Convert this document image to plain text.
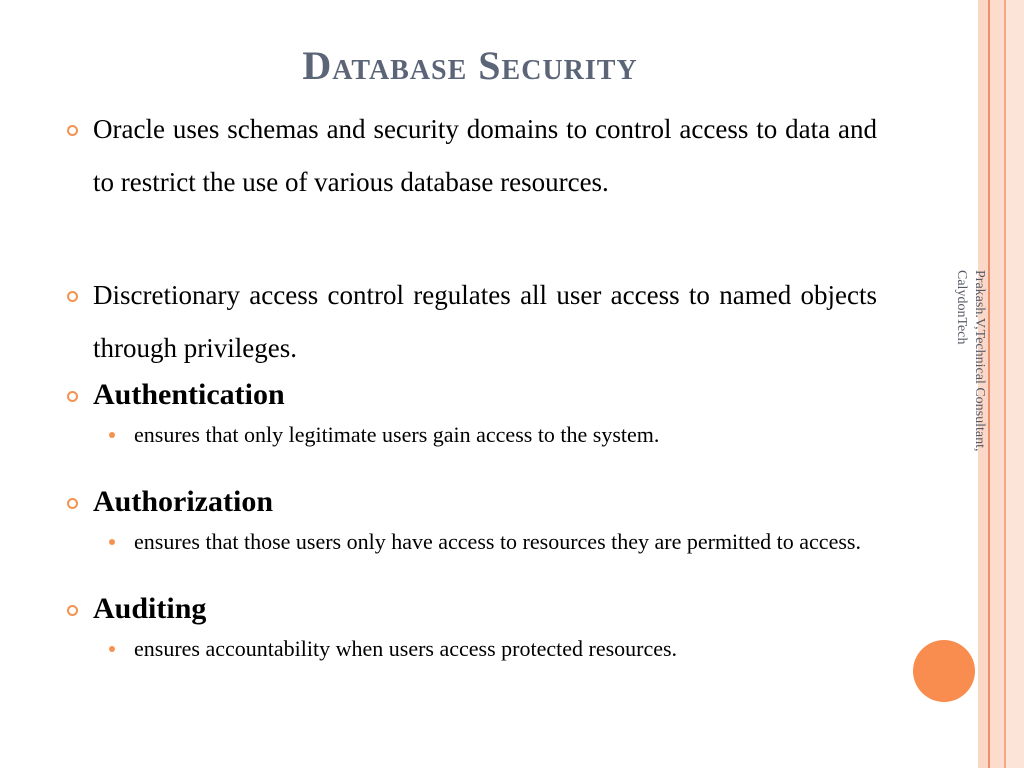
Prakash.V,Technical Consultant,
CalydonTech
Database Security
Oracle uses schemas and security domains to control access to data and to restrict the use of various database resources.
Discretionary access control regulates all user access to named objects through privileges.
Authentication
ensures that only legitimate users gain access to the system.
Authorization
ensures that those users only have access to resources they are permitted to access.
Auditing
ensures accountability when users access protected resources.
